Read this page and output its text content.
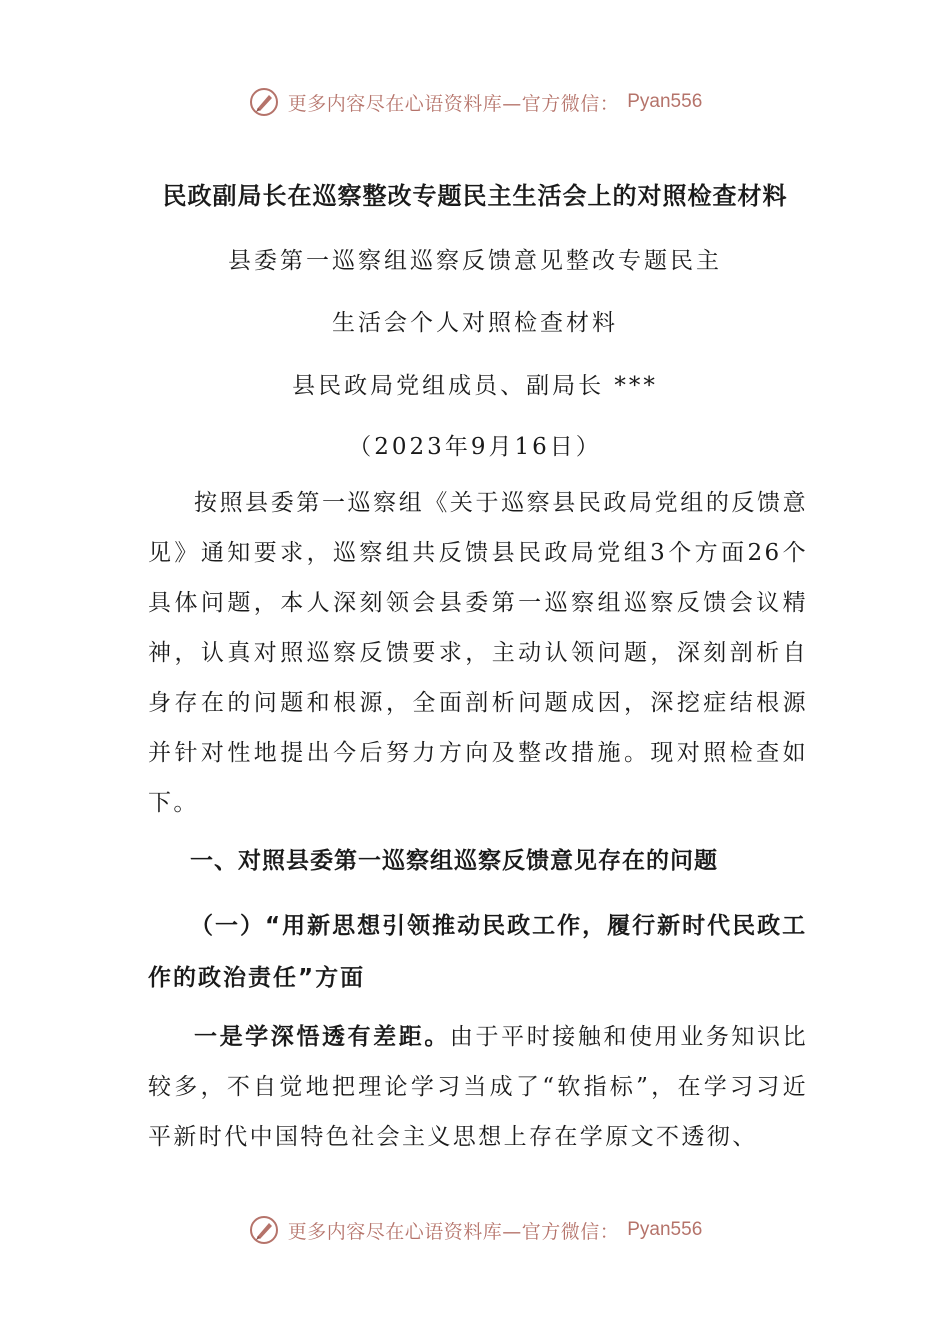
更多内容尽在心语资料库—官方微信： Pyan556
民政副局长在巡察整改专题民主生活会上的对照检查材料
县委第一巡察组巡察反馈意见整改专题民主
生活会个人对照检查材料
县民政局党组成员、副局长 ***
（2023年9月16日）

按照县委第一巡察组《关于巡察县民政局党组的反馈意见》通知要求，巡察组共反馈县民政局党组3个方面26个具体问题，本人深刻领会县委第一巡察组巡察反馈会议精神，认真对照巡察反馈要求，主动认领问题，深刻剖析自身存在的问题和根源，全面剖析问题成因，深挖症结根源并针对性地提出今后努力方向及整改措施。现对照检查如下。

一、对照县委第一巡察组巡察反馈意见存在的问题

（一）“用新思想引领推动民政工作，履行新时代民政工作的政治责任”方面

一是学深悟透有差距。由于平时接触和使用业务知识比较多，不自觉地把理论学习当成了“软指标”，在学习习近平新时代中国特色社会主义思想上存在学原文不透彻、

更多内容尽在心语资料库—官方微信： Pyan556
